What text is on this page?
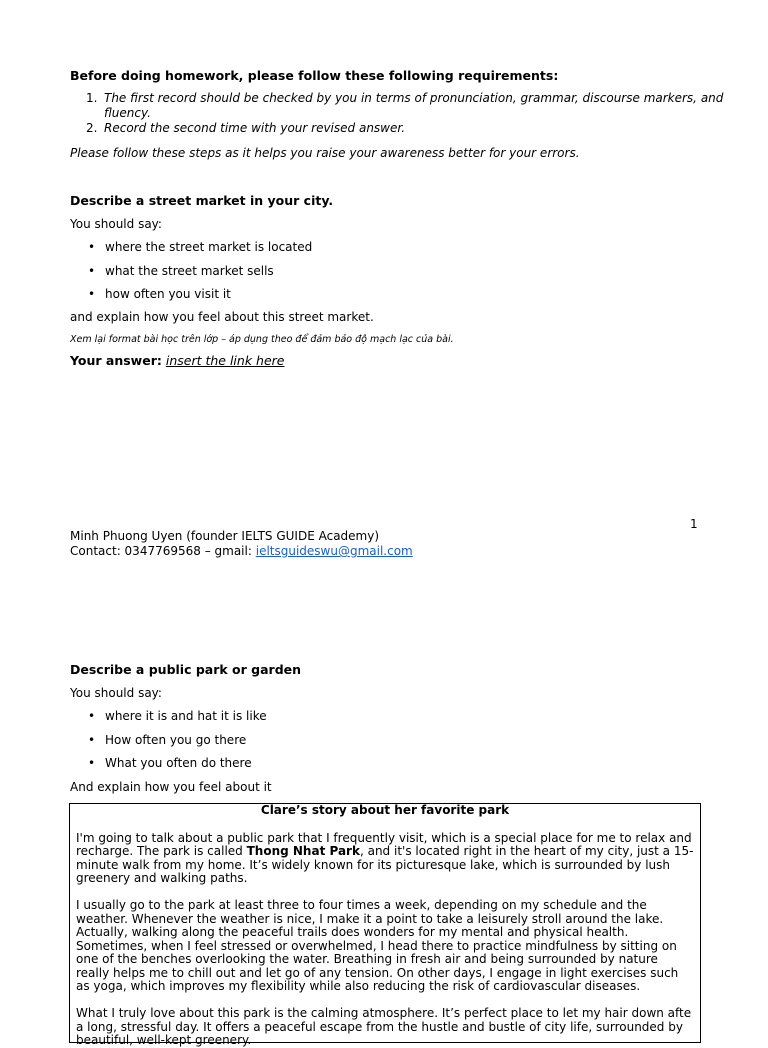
Before doing homework, please follow these following requirements:
1. The first record should be checked by you in terms of pronunciation, grammar, discourse markers, and fluency.
2. Record the second time with your revised answer.
Please follow these steps as it helps you raise your awareness better for your errors.
Describe a street market in your city.
You should say:
• where the street market is located
• what the street market sells
• how often you visit it
and explain how you feel about this street market.
Xem lại format bài học trên lớp – áp dụng theo để đảm bảo độ mạch lạc của bài.
Your answer: insert the link here
1
Minh Phuong Uyen (founder IELTS GUIDE Academy)
Contact: 0347769568 – gmail: ieltsguideswu@gmail.com
Describe a public park or garden
You should say:
• where it is and hat it is like
• How often you go there
• What you often do there
And explain how you feel about it
Clare’s story about her favorite park

I'm going to talk about a public park that I frequently visit, which is a special place for me to relax and recharge. The park is called Thong Nhat Park, and it's located right in the heart of my city, just a 15-minute walk from my home. It’s widely known for its picturesque lake, which is surrounded by lush greenery and walking paths.

I usually go to the park at least three to four times a week, depending on my schedule and the weather. Whenever the weather is nice, I make it a point to take a leisurely stroll around the lake. Actually, walking along the peaceful trails does wonders for my mental and physical health. Sometimes, when I feel stressed or overwhelmed, I head there to practice mindfulness by sitting on one of the benches overlooking the water. Breathing in fresh air and being surrounded by nature really helps me to chill out and let go of any tension. On other days, I engage in light exercises such as yoga, which improves my flexibility while also reducing the risk of cardiovascular diseases.

What I truly love about this park is the calming atmosphere. It’s perfect place to let my hair down afte a long, stressful day. It offers a peaceful escape from the hustle and bustle of city life, surrounded by beautiful, well-kept greenery.
